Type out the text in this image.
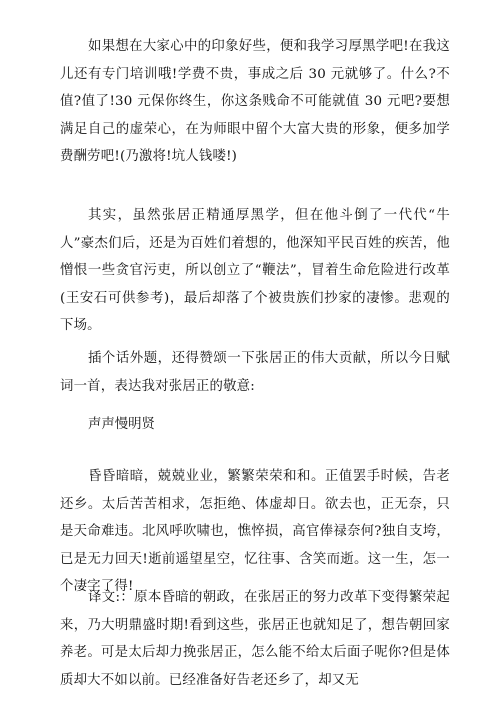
如果想在大家心中的印象好些，便和我学习厚黑学吧!在我这儿还有专门培训哦!学费不贵，事成之后 30 元就够了。什么?不值?值了!30 元保你终生，你这条贱命不可能就值 30 元吧?要想满足自己的虚荣心，在为师眼中留个大富大贵的形象，便多加学费酬劳吧!(乃激将!坑人钱喽!)

其实，虽然张居正精通厚黑学，但在他斗倒了一代代“牛人”豪杰们后，还是为百姓们着想的，他深知平民百姓的疾苦，他憎恨一些贪官污吏，所以创立了“鞭法”，冒着生命危险进行改革(王安石可供参考)，最后却落了个被贵族们抄家的凄惨。悲观的下场。

插个话外题，还得赞颂一下张居正的伟大贡献，所以今日赋词一首，表达我对张居正的敬意:

声声慢明贤

昏昏暗暗，兢兢业业，繁繁荣荣和和。正值罢手时候，告老还乡。太后苦苦相求，怎拒绝、体虚却日。欲去也，正无奈，只是天命难违。北风呼吹啸也，憔悴损，高官俸禄奈何?独自支垮，已是无力回天!逝前遥望星空，忆往事、含笑而逝。这一生，怎一个凄字了得!

译文:：原本昏暗的朝政，在张居正的努力改革下变得繁荣起来，乃大明鼎盛时期!看到这些，张居正也就知足了，想告朝回家养老。可是太后却力挽张居正，怎么能不给太后面子呢你?但是体质却大不如以前。已经准备好告老还乡了，却又无
